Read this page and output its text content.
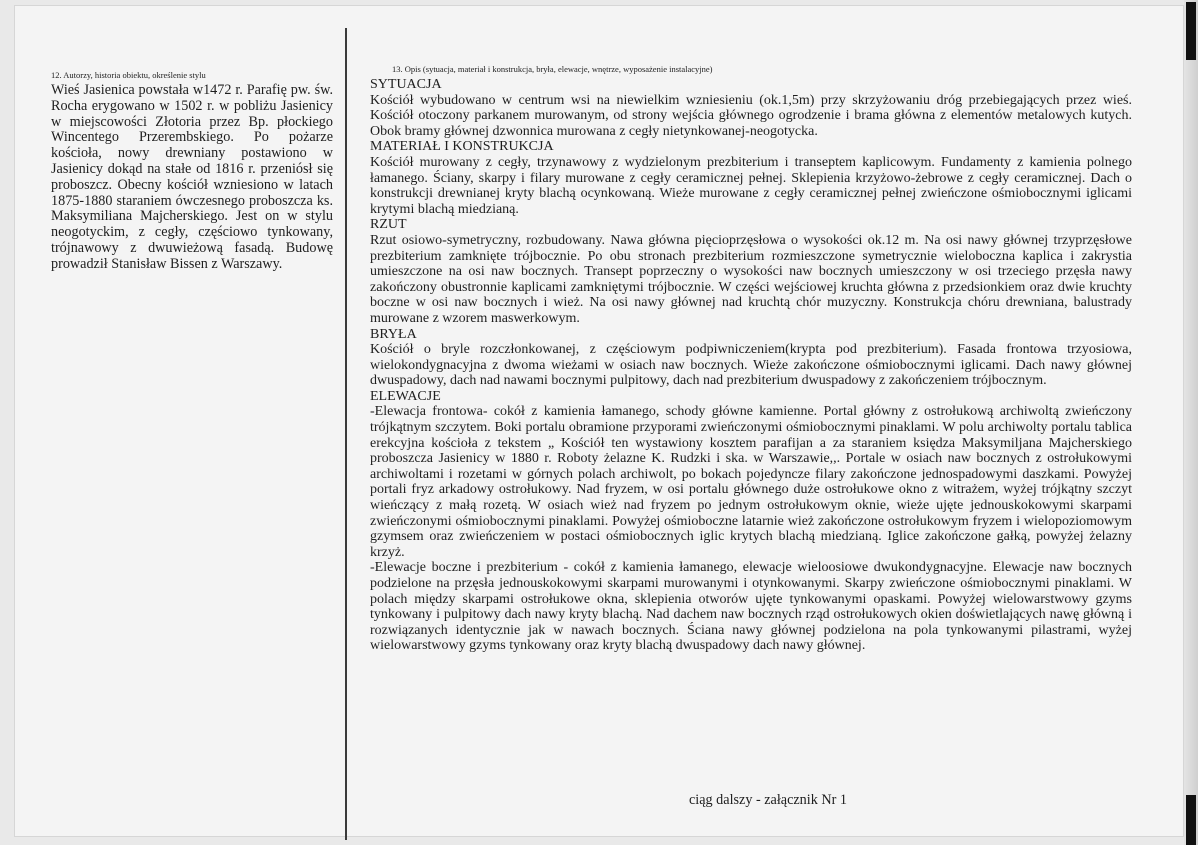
12. Autorzy, historia obiektu, określenie stylu

Wieś Jasienica powstała w1472 r. Parafię pw. św. Rocha erygowano w 1502 r. w pobliżu Jasienicy w miejscowości Złotoria przez Bp. płockiego Wincentego Przerembskiego. Po pożarze kościoła, nowy drewniany postawiono w Jasienicy dokąd na stałe od 1816 r. przeniósł się proboszcz. Obecny kościół wzniesiono w latach 1875-1880 staraniem ówczesnego proboszcza ks. Maksymiliana Majcherskiego. Jest on w stylu neogotyckim, z cegły, częściowo tynkowany, trójnawowy z dwuwieżową fasadą. Budowę prowadził Stanisław Bissen z Warszawy.

13. Opis (sytuacja, materiał i konstrukcja, bryła, elewacje, wnętrze, wyposażenie instalacyjne)

SYTUACJA

Kościół wybudowano w centrum wsi na niewielkim wzniesieniu (ok.1,5m) przy skrzyżowaniu dróg przebiegających przez wieś. Kościół otoczony parkanem murowanym, od strony wejścia głównego ogrodzenie i brama główna z elementów metalowych kutych. Obok bramy głównej dzwonnica murowana z cegły nietynkowanej-neogotycka.

MATERIAŁ I KONSTRUKCJA

Kościół murowany z cegły, trzynawowy z wydzielonym prezbiterium i transeptem kaplicowym. Fundamenty z kamienia polnego łamanego. Ściany, skarpy i filary murowane z cegły ceramicznej pełnej. Sklepienia krzyżowo-żebrowe z cegły ceramicznej. Dach o konstrukcji drewnianej kryty blachą ocynkowaną. Wieże murowane z cegły ceramicznej pełnej zwieńczone ośmiobocznymi iglicami krytymi blachą miedzianą.

RZUT

Rzut osiowo-symetryczny, rozbudowany. Nawa główna pięcioprzęsłowa o wysokości ok.12 m. Na osi nawy głównej trzyprzęsłowe prezbiterium zamknięte trójbocznie. Po obu stronach prezbiterium rozmieszczone symetrycznie wieloboczna kaplica i zakrystia umieszczone na osi naw bocznych. Transept poprzeczny o wysokości naw bocznych umieszczony w osi trzeciego przęsła nawy zakończony obustronnie kaplicami zamkniętymi trójbocznie. W części wejściowej kruchta główna z przedsionkiem oraz dwie kruchty boczne w osi naw bocznych i wież. Na osi nawy głównej nad kruchtą chór muzyczny. Konstrukcja chóru drewniana, balustrady murowane z wzorem maswerkowym.

BRYŁA

Kościół o bryle rozczłonkowanej, z częściowym podpiwniczeniem(krypta pod prezbiterium). Fasada frontowa trzyosiowa, wielokondygnacyjna z dwoma wieżami w osiach naw bocznych. Wieże zakończone ośmiobocznymi iglicami. Dach nawy głównej dwuspadowy, dach nad nawami bocznymi pulpitowy, dach nad prezbiterium dwuspadowy z zakończeniem trójbocznym.

ELEWACJE

-Elewacja frontowa- cokół z kamienia łamanego, schody główne kamienne. Portal główny z ostrołukową archiwoltą zwieńczony trójkątnym szczytem. Boki portalu obramione przyporami zwieńczonymi ośmiobocznymi pinaklami. W polu archiwolty portalu tablica erekcyjna kościoła z tekstem „ Kościół ten wystawiony kosztem parafijan a za staraniem księdza Maksymiljana Majcherskiego proboszcza Jasienicy w 1880 r. Roboty żelazne K. Rudzki i ska. w Warszawie,,. Portale w osiach naw bocznych z ostrołukowymi archiwoltami i rozetami w górnych polach archiwolt, po bokach pojedyncze filary zakończone jednospadowymi daszkami. Powyżej portali fryz arkadowy ostrołukowy. Nad fryzem, w osi portalu głównego duże ostrołukowe okno z witrażem, wyżej trójkątny szczyt wieńczący z małą rozetą. W osiach wież nad fryzem po jednym ostrołukowym oknie, wieże ujęte jednouskokowymi skarpami zwieńczonymi ośmiobocznymi pinaklami. Powyżej ośmioboczne latarnie wież zakończone ostrołukowym fryzem i wielopoziomowym gzymsem oraz zwieńczeniem w postaci ośmiobocznych iglic krytych blachą miedzianą. Iglice zakończone gałką, powyżej żelazny krzyż.

-Elewacje boczne i prezbiterium - cokół z kamienia łamanego, elewacje wieloosiowe dwukondygnacyjne. Elewacje naw bocznych podzielone na przęsła jednouskokowymi skarpami murowanymi i otynkowanymi. Skarpy zwieńczone ośmiobocznymi pinaklami. W polach między skarpami ostrołukowe okna, sklepienia otworów ujęte tynkowanymi opaskami. Powyżej wielowarstwowy gzyms tynkowany i pulpitowy dach nawy kryty blachą. Nad dachem naw bocznych rząd ostrołukowych okien doświetlających nawę główną i rozwiązanych identycznie jak w nawach bocznych. Ściana nawy głównej podzielona na pola tynkowanymi pilastrami, wyżej wielowarstwowy gzyms tynkowany oraz kryty blachą dwuspadowy dach nawy głównej.

ciąg dalszy - załącznik Nr 1
